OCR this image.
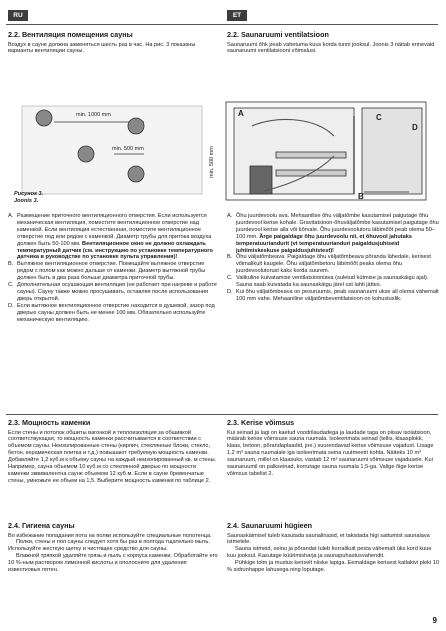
RU	ET
2.2. Вентиляция помещения сауны

Воздух в сауне должна заменяться шесть раз в час. На рис. 3 показаны варианты вентиляции сауны.

2.2. Saunaruumi ventilatsioon

Saunaruumi õhk peab vahetuma kuus korda tunni jooksul. Joonis 3 näitab erinevaid saunaruumi ventilatsiooni võimalusi.

min. 1000 mm
min. 500 mm	min. 500 mm
A	C
D
B
Рисунок 3.
Joonis 3.
A. Размещение приточного вентиляционного отверстия. Если используется механическая вентиляция, поместите вентиляционное отверстие над каменкой. Если вентиляция естественная, поместите вентиляционное отверстие под или рядом с каменкой. Диаметр трубы для притока воздуха должен быть 50-100 мм. Вентиляционное окно не должно охлаждать температурный датчик (см. инструкцию по установке температурного датчика в руководстве по установке пульта управления)!
B. Вытяжное вентиляционное отверстие. Помещайте вытяжное отверстие рядом с полом как можно дальше от каменки. Диаметр вытяжной трубы должен быть в два раза больше диаметра приточной трубы.
C. Дополнительная осушающая вентиляция (не работает при нагреве и работе сауны). Сауну также можно просушивать, оставляя после использования дверь открытой.
D. Если вытяжное вентиляционное отверстие находится в душевой, зазор под дверью сауны должен быть не менее 100 мм. Обязательно используйте механическую вентиляцию.
A. Õhu juurdevoolu ava. Mehaanilise õhu väljatõmbe kasutamisel paigutage õhu juurdevool kerise kohale. Gravitatsioon-õhuväljatõmbe kasutamisel paigutage õhu juurdevool kerise alla või kõrvale. Õhu juurdevoolutoru läbimõõt peab olema 50–100 mm. Ärge paigaldage õhu juurdevoolu nii, et õhuvool jahutaks temperatuuriandurit (vt temperatuurianduri paigaldusjuhiseid juhtimiskeskuse paigaldusjuhistest)!
B. Õhu väljatõmbeava. Paigaldage õhu väljatõmbeava põranda lähedale, kerisest võimalikult kaugele. Õhu väljatõmbetoru läbimõõt peaks olema õhu juurdevoolutorust kaks korda suurem.
C. Valikuline kuivatamise ventilatsiooniava (suletud kütmise ja saunaskäigu ajal). Sauna saab kuivatada ka saunaskäigu järel ust lahti jättes.
D. Kui õhu väljatõmbeava on pesuruumis, peab saunaruumi ukse all olema vähemalt 100 mm vahe. Mehaaniline väljatõmbeventilatsioon on kohustuslik.
2.3. Мощность каменки

Если стены и потолок обшиты вагонкой и теплоизоляция за обшивкой соответствующая, то мощность каменки рассчитывается в соответствии с объемом сауны. Неизолированные стены (кирпич, стеклянные блоки, стекло, бетон, керамическая плитка и т.д.) повышают требуемую мощность каменки. Добавляйте 1,2 куб.м к объему сауны на каждый неизолированный кв. м стены. Например, сауна объемом 10 куб.м со стеклянной дверью по мощности каменки эквивалентна сауне объемом 12 куб.м. Если в сауне бревенчатые стены, умножьте ее объем на 1,5. Выберите мощность каменки по таблице 2.

2.3. Kerise võimsus

Kui seinad ja lagi on kaetud voodrilaudadega ja laudade taga on piisav isolatsioon, määrab kerise võimsuse sauna ruumala. Isoleerimata seinad (tellis, klaasplokk, klaas, betoon, põrandaplaadid, jne.) suurendavad kerise võimsuse vajadust. Lisage 1,2 m³ sauna ruumalale iga isoleerimata seina ruutmeetri kohta. Näiteks 10 m³ saunaruum, millel on klaasuks, vastab 12 m³ saunaruumi võimsuse vajadusele. Kui saunaruumil on palkseinad, korrutage sauna ruumala 1,5-ga. Valige õige kerise võimsus tabelist 2.

2.4. Гигиена сауны

Во избежание попадания пота на полки используйте специальные полотенца.

Полки, стены и пол сауны следует хотя бы раз в полгода тщательно мыть. Используйте жесткую щетку и чистящее средство для сауны.

Влажной тряпкой удаляйте грязь и пыль с корпуса каменки. Обработайте его 10 %-ным раствором лимонной кислоты и ополосните для удаления известковых пятен.

2.4. Saunaruumi hügieen

Saunaskäimisel tuleb kasutada saunalinasid, et takistada higi sattumist saunalava istmetele.

Sauna istmeid, seinu ja põrandat tuleb korralikult pesta vähemalt üks kord kuue kuu jooksul. Kasutage küürimisharja ja saunapuhastusvahendit.

Pühkige tolm ja mustus keriselt niiske lapiga. Eemaldage kerisest katlakivi pleki 10 % sidrunhappe lahusega ning loputage.

9
